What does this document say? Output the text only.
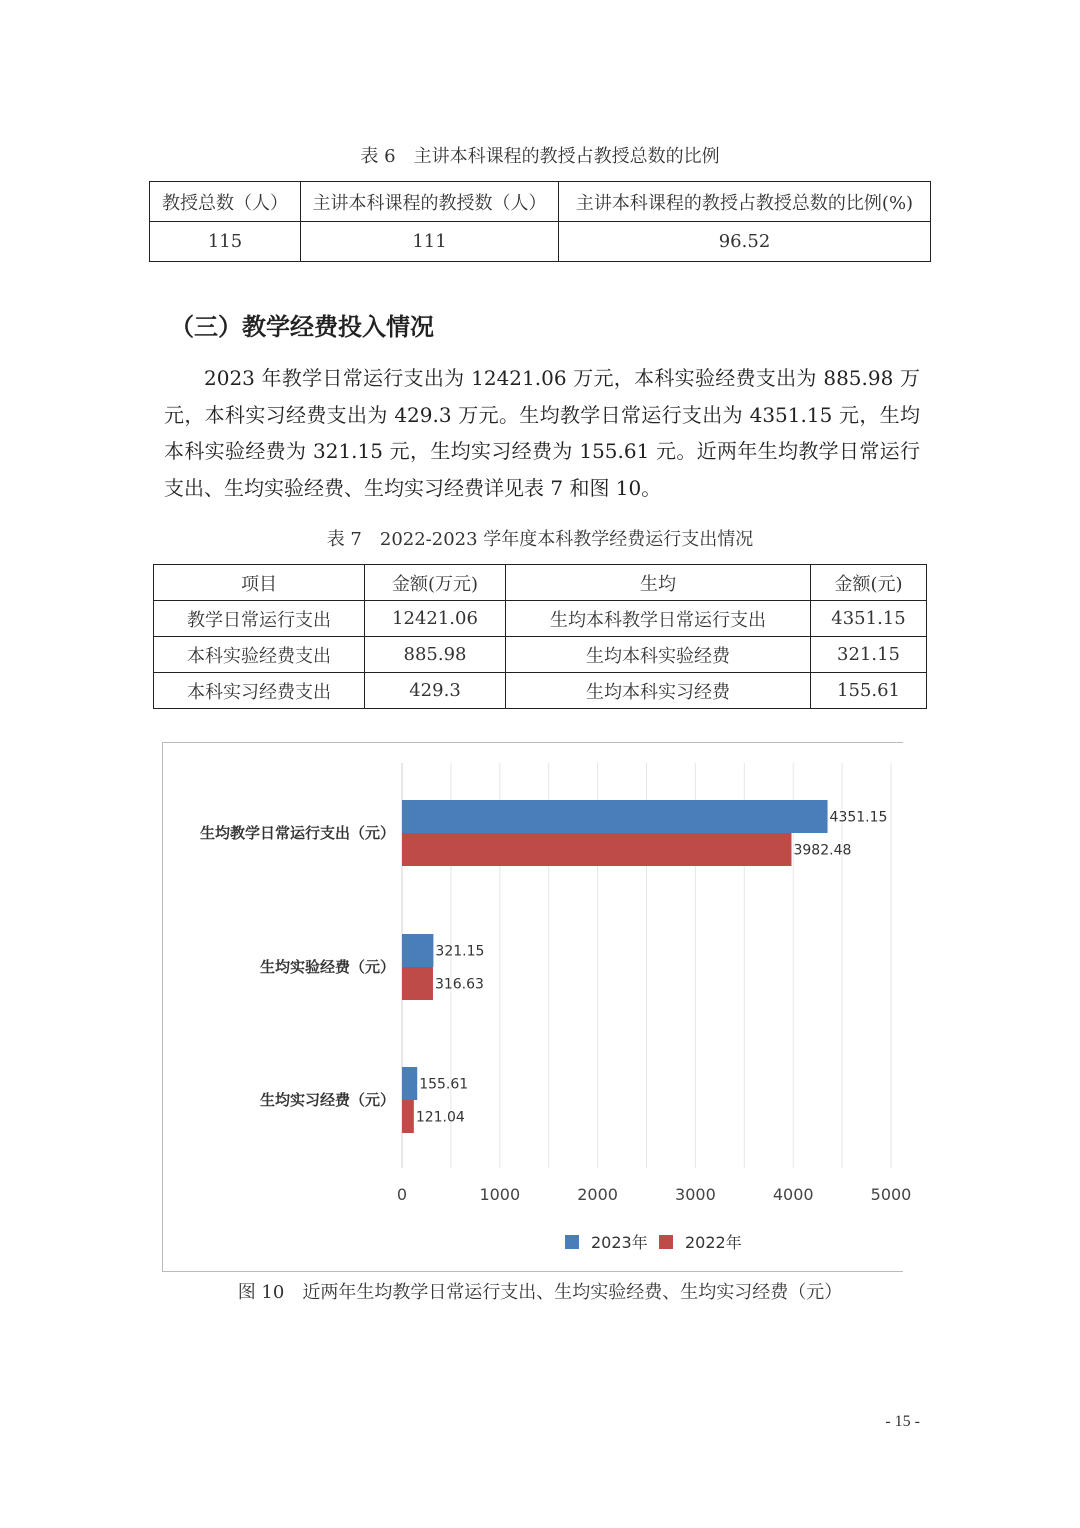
表 6　主讲本科课程的教授占教授总数的比例
教授总数（人）	主讲本科课程的教授数（人）	主讲本科课程的教授占教授总数的比例(%)
115	111	96.52
（三）教学经费投入情况

2023 年教学日常运行支出为 12421.06 万元，本科实验经费支出为 885.98 万元，本科实习经费支出为 429.3 万元。生均教学日常运行支出为 4351.15 元，生均本科实验经费为 321.15 元，生均实习经费为 155.61 元。近两年生均教学日常运行支出、生均实验经费、生均实习经费详见表 7 和图 10。

表 7　2022-2023 学年度本科教学经费运行支出情况
项目	金额(万元)	生均	金额(元)
教学日常运行支出	12421.06	生均本科教学日常运行支出	4351.15
本科实验经费支出	885.98	生均本科实验经费	321.15
本科实习经费支出	429.3	生均本科实习经费	155.61
0	1000	2000	3000	4000	5000
生均教学日常运行支出（元）
4351.15
3982.48
生均实验经费（元）
321.15
316.63
生均实习经费（元）
155.61
121.04
2023年 2022年
图 10　近两年生均教学日常运行支出、生均实验经费、生均实习经费（元）
- 15 -
